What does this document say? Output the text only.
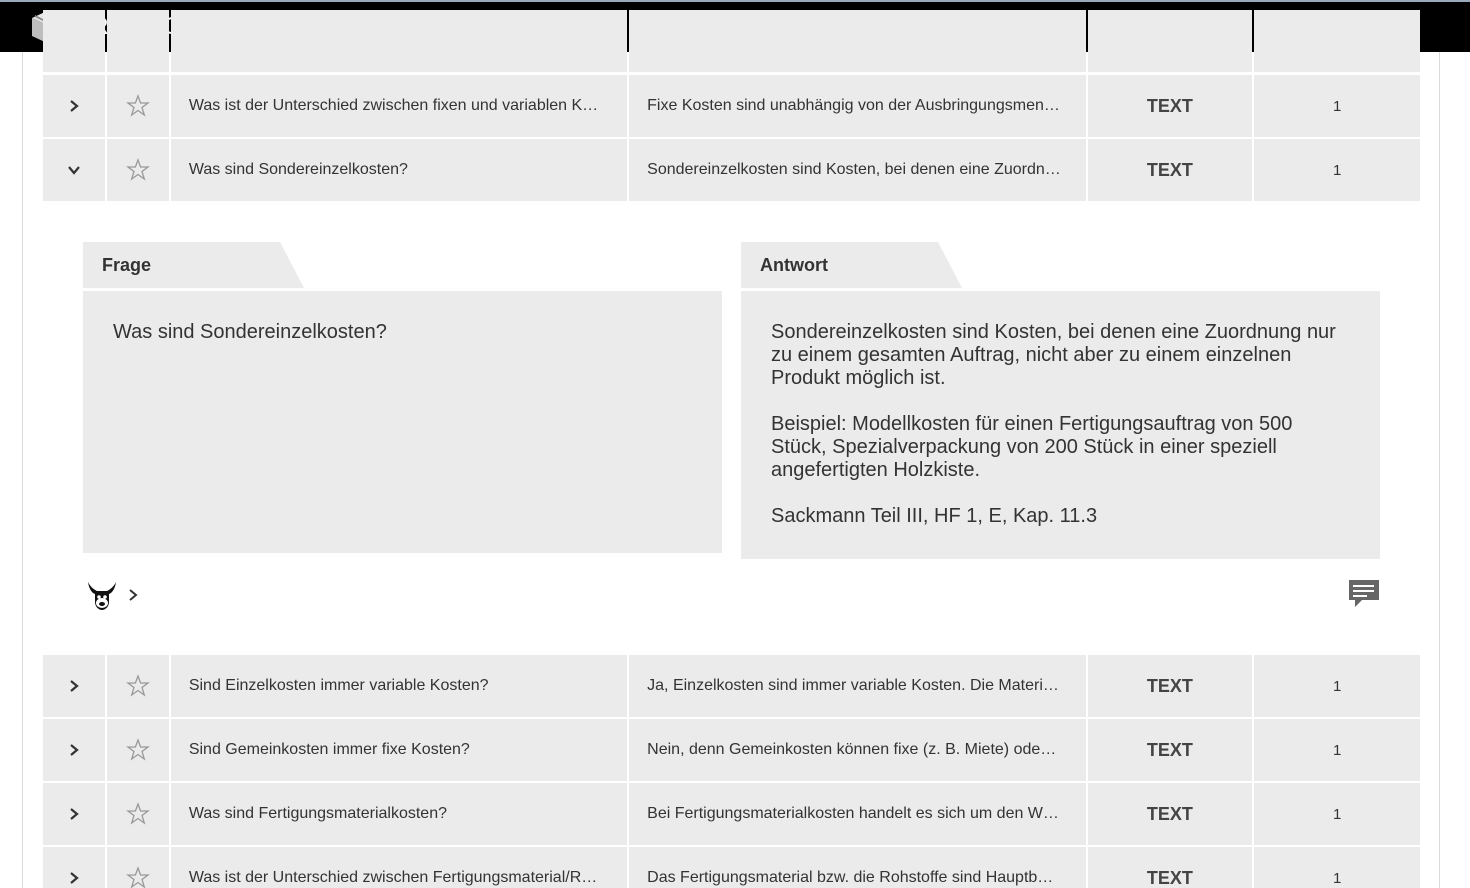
Was ist der Unterschied zwischen fixen und variablen K…	Fixe Kosten sind unabhängig von der Ausbringungsmen…	TEXT	1
Was sind Sondereinzelkosten?	Sondereinzelkosten sind Kosten, bei denen eine Zuordn…	TEXT	1
Frage	Antwort
Was sind Sondereinzelkosten?	Sondereinzelkosten sind Kosten, bei denen eine Zuordnung nur zu einem gesamten Auftrag, nicht aber zu einem einzelnen Produkt möglich ist.

Beispiel: Modellkosten für einen Fertigungsauftrag von 500 Stück, Spezialverpackung von 200 Stück in einer speziell angefertigten Holzkiste.

Sackmann Teil III, HF 1, E, Kap. 11.3

Sind Einzelkosten immer variable Kosten?	Ja, Einzelkosten sind immer variable Kosten. Die Materi…	TEXT	1
Sind Gemeinkosten immer fixe Kosten?	Nein, denn Gemeinkosten können fixe (z. B. Miete) ode…	TEXT	1
Was sind Fertigungsmaterialkosten?	Bei Fertigungsmaterialkosten handelt es sich um den W…	TEXT	1
Was ist der Unterschied zwischen Fertigungsmaterial/R…	Das Fertigungsmaterial bzw. die Rohstoffe sind Hauptb…	TEXT	1
